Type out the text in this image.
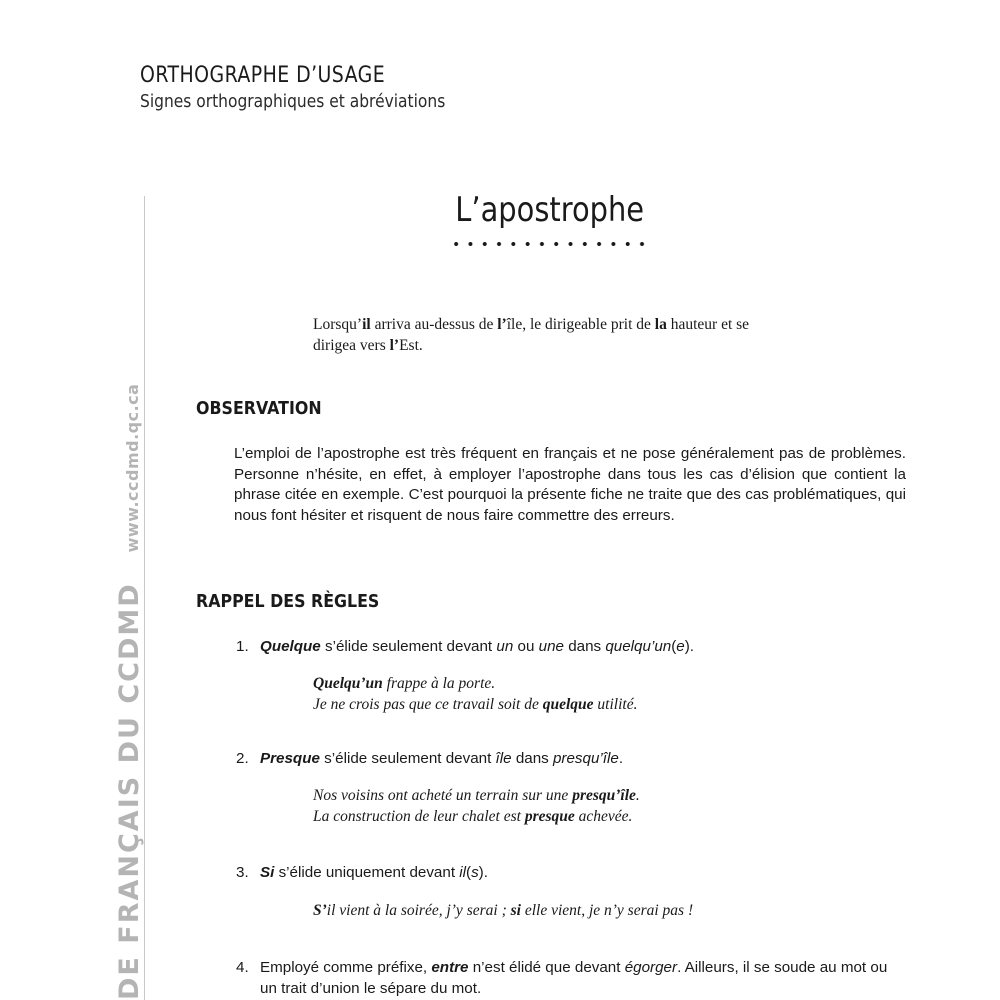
ORTHOGRAPHE D’USAGE
Signes orthographiques et abréviations
DE FRANÇAIS DU CCDMDwww.ccdmd.qc.ca
L’apostrophe
Lorsqu’il arriva au-dessus de l’île, le dirigeable prit de la hauteur et se dirigea vers l’Est.
OBSERVATION
L’emploi de l’apostrophe est très fréquent en français et ne pose généralement pas de problèmes. Personne n’hésite, en effet, à employer l’apostrophe dans tous les cas d’élision que contient la phrase citée en exemple. C’est pourquoi la présente fiche ne traite que des cas problématiques, qui nous font hésiter et risquent de nous faire commettre des erreurs.
RAPPEL DES RÈGLES
1. Quelque s’élide seulement devant un ou une dans quelqu’un(e).
Quelqu’un frappe à la porte.
Je ne crois pas que ce travail soit de quelque utilité.
2. Presque s’élide seulement devant île dans presqu’île.
Nos voisins ont acheté un terrain sur une presqu’île.
La construction de leur chalet est presque achevée.
3. Si s’élide uniquement devant il(s).
S’il vient à la soirée, j’y serai ; si elle vient, je n’y serai pas !
4. Employé comme préfixe, entre n’est élidé que devant égorger. Ailleurs, il se soude au mot ou un trait d’union le sépare du mot.
